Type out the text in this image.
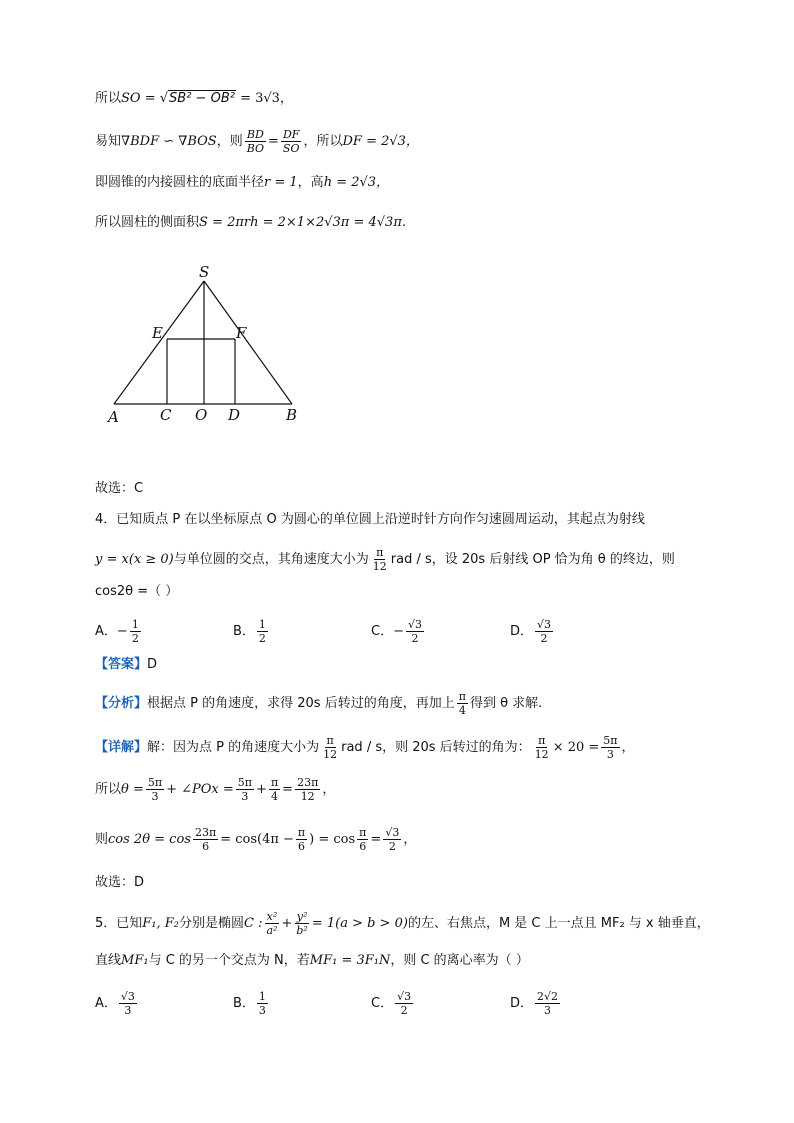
所以SO = √SB² − OB² = 3√3，
易知∇BDF ∽ ∇BOS，则 $\frac{BD}{BO} = \frac{DF}{SO}$ ，所以DF = 2√3，
即圆锥的内接圆柱的底面半径r = 1，高h = 2√3，
所以圆柱的侧面积S = 2πrh = 2×1×2√3π = 4√3π.
S
E	F
A	C O D	B
故选：C
4．已知质点 P 在以坐标原点 O 为圆心的单位圆上沿逆时针方向作匀速圆周运动，其起点为射线
y = x(x ≥ 0)与单位圆的交点，其角速度大小为 $\frac{\pi}{12}$ rad / s，设 20s 后射线 OP 恰为角 θ 的终边，则
cos2θ =（ ）
A．− $\frac{1}{2}$	B． $\frac{1}{2}$	C．− $\frac{√3}{2}$	D． $\frac{√3}{2}$
【答案】D
【分析】根据点 P 的角速度，求得 20s 后转过的角度，再加上 $\frac{\pi}{4}$ 得到 θ 求解.
【详解】解：因为点 P 的角速度大小为 $\frac{\pi}{12}$ rad / s，则 20s 后转过的角为： $\frac{\pi}{12} \times 20 = \frac{5\pi}{3}$ ，
所以$\theta = \frac{5\pi}{3}$ + ∠POx = $\frac{5\pi}{3} + \frac{\pi}{4} = \frac{23\pi}{12}$ ，
则$\cos 2\theta = \cos \frac{23\pi}{6} = \cos(4\pi - \frac{\pi}{6}$ ) = $\cos \frac{\pi}{6} = \frac{√3}{2}$ ，
故选：D
5．已知F₁, F₂分别是椭圆C : $\frac{\text{x²}}{\text{a²}} + \frac{\text{y²}}{\text{b²}} = 1(a > b > 0)$的左、右焦点，M 是 C 上一点且 MF₂ 与 x 轴垂直，
直线MF₁与 C 的另一个交点为 N，若MF₁ = 3F₁N，则 C 的离心率为（ ）
A． $\frac{√3}{3}$	B． $\frac{1}{3}$	C． $\frac{√3}{2}$	D． $\frac{2√2}{3}$
